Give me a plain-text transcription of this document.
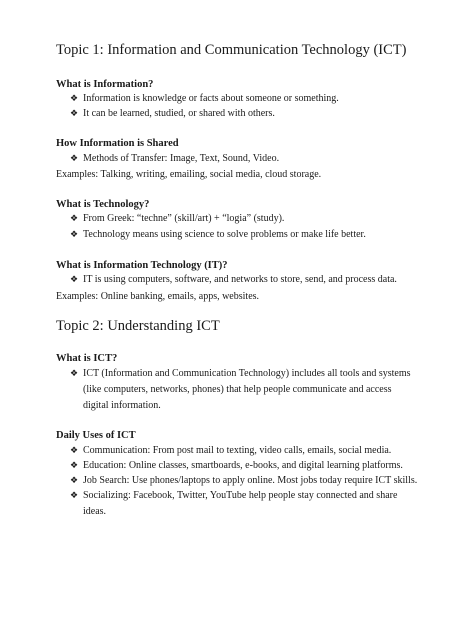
Topic 1: Information and Communication Technology (ICT)
What is Information?
❖ Information is knowledge or facts about someone or something.
❖ It can be learned, studied, or shared with others.
How Information is Shared
❖ Methods of Transfer: Image, Text, Sound, Video.
Examples: Talking, writing, emailing, social media, cloud storage.
What is Technology?
❖ From Greek: “techne” (skill/art) + “logia” (study).
❖ Technology means using science to solve problems or make life better.
What is Information Technology (IT)?
❖ IT is using computers, software, and networks to store, send, and process data.
Examples: Online banking, emails, apps, websites.
Topic 2: Understanding ICT
What is ICT?
❖ ICT (Information and Communication Technology) includes all tools and systems
(like computers, networks, phones) that help people communicate and access
digital information.
Daily Uses of ICT
❖ Communication: From post mail to texting, video calls, emails, social media.
❖ Education: Online classes, smartboards, e-books, and digital learning platforms.
❖ Job Search: Use phones/laptops to apply online. Most jobs today require ICT skills.
❖ Socializing: Facebook, Twitter, YouTube help people stay connected and share
ideas.
